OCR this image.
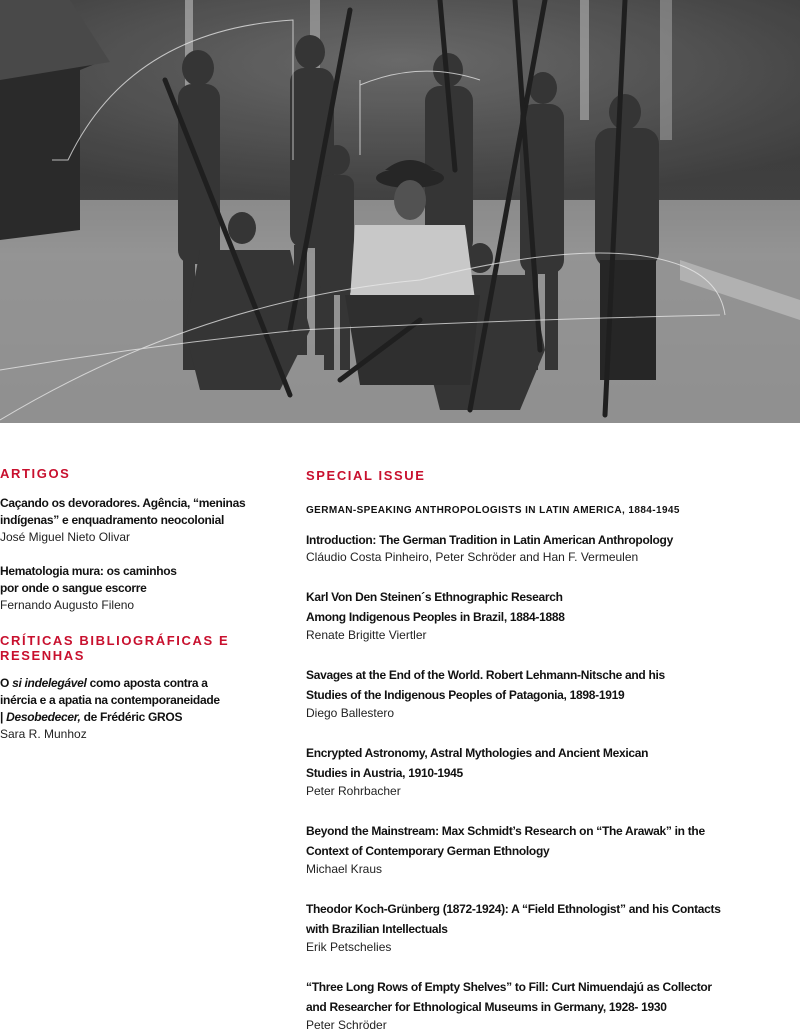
ARTIGOS
Caçando os devoradores. Agência, “meninas
indígenas” e enquadramento neocolonial
José Miguel Nieto Olivar
Hematologia mura: os caminhos
por onde o sangue escorre
Fernando Augusto Fileno
CRÍTICAS BIBLIOGRÁFICAS E RESENHAS
O si indelegável como aposta contra a
inércia e a apatia na contemporaneidade
| Desobedecer, de Frédéric GROS
Sara R. Munhoz
SPECIAL ISSUE
GERMAN-SPEAKING ANTHROPOLOGISTS IN LATIN AMERICA, 1884-1945
Introduction: The German Tradition in Latin American Anthropology
Cláudio Costa Pinheiro, Peter Schröder and Han F. Vermeulen
Karl Von Den Steinen´s Ethnographic Research
Among Indigenous Peoples in Brazil, 1884-1888
Renate Brigitte Viertler
Savages at the End of the World. Robert Lehmann-Nitsche and his
Studies of the Indigenous Peoples of Patagonia, 1898-1919
Diego Ballestero
Encrypted Astronomy, Astral Mythologies and Ancient Mexican
Studies in Austria, 1910-1945
Peter Rohrbacher
Beyond the Mainstream: Max Schmidt’s Research on “The Arawak” in the
Context of Contemporary German Ethnology
Michael Kraus
Theodor Koch-Grünberg (1872-1924): A “Field Ethnologist” and his Contacts
with Brazilian Intellectuals
Erik Petschelies
“Three Long Rows of Empty Shelves” to Fill: Curt Nimuendajú as Collector
and Researcher for Ethnological Museums in Germany, 1928- 1930
Peter Schröder
